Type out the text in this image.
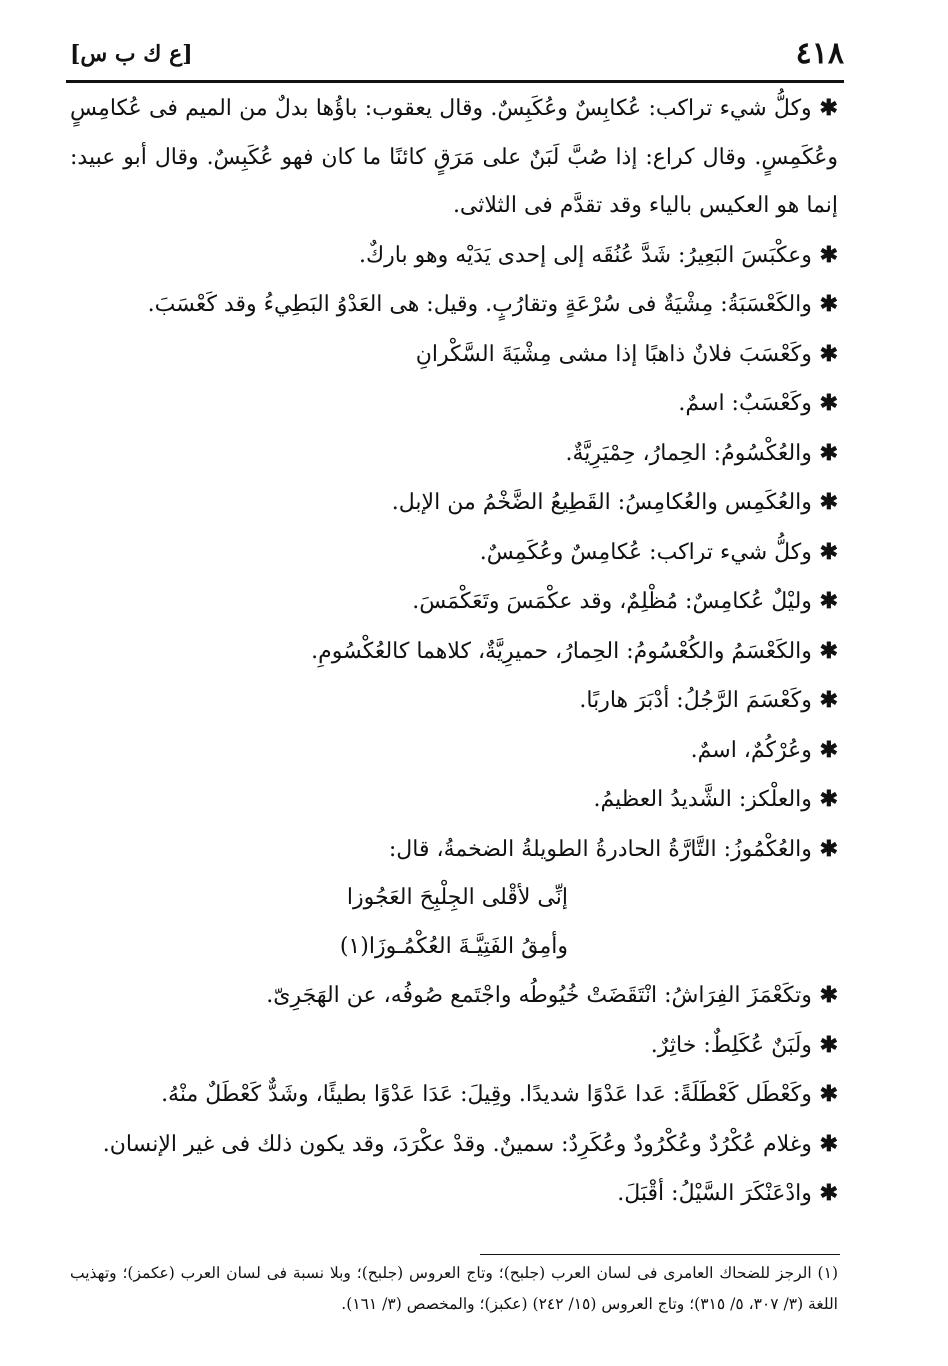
٤١٨
[ع ك ب س]

✱ وكلُّ شيء تراكب: عُكابِسٌ وعُكَبِسٌ. وقال يعقوب: باؤُها بدلٌ من الميم فى عُكامِسٍ وعُكَمِسٍ. وقال كراع: إذا صُبَّ لَبَنٌ على مَرَقٍ كائنًا ما كان فهو عُكَبِسٌ. وقال أبو عبيد: إنما هو العكيس بالياء وقد تقدَّم فى الثلاثى.

✱ وعكْبَسَ البَعِيرُ: شَدَّ عُنُقَه إلى إحدى يَدَيْه وهو باركٌ.

✱ والكَعْسَبَةُ: مِشْيَةٌ فى سُرْعَةٍ وتقارُبٍ. وقيل: هى العَدْوُ البَطِيءُ وقد كَعْسَبَ.

✱ وكَعْسَبَ فلانٌ ذاهبًا إذا مشى مِشْيَةَ السَّكْرانِ

✱ وكَعْسَبٌ: اسمٌ.

✱ والعُكْسُومُ: الحِمارُ، حِمْيَرِيَّةٌ.

✱ والعُكَمِس والعُكامِسُ: القَطِيعُ الضَّخْمُ من الإبل.

✱ وكلُّ شيء تراكب: عُكامِسٌ وعُكَمِسٌ.

✱ وليْلٌ عُكامِسٌ: مُظْلِمٌ، وقد عكْمَسَ وتَعَكْمَسَ.

✱ والكَعْسَمُ والكُعْسُومُ: الحِمارُ، حميرِيَّةٌ، كلاهما كالعُكْسُومِ.

✱ وكَعْسَمَ الرَّجُلُ: أدْبَرَ هاربًا.

✱ وعُرْكُمٌ، اسمٌ.

✱ والعلْكز: الشَّديدُ العظيمُ.

✱ والعُكْمُوزُ: التَّارَّةُ الحادرةُ الطويلةُ الضخمةُ، قال:

إنِّى لأقْلى الجِلْبِحَ العَجُوزا

وأمِقُ الفَتِيَّـةَ العُكْمُـوزَا(١)

✱ وتكَعْمَزَ الفِرَاشُ: انْتَقَضَتْ خُيُوطُه واجْتَمع صُوفُه، عن الهَجَرِىّ.

✱ ولَبَنٌ عُكَلِطٌ: خاثِرٌ.

✱ وكَعْطَل كَعْطَلَةً: عَدا عَدْوًا شديدًا. وقِيلَ: عَدَا عَدْوًا بطيئًا، وشَدٌّ كَعْطَلٌ منْهُ.

✱ وغلام عُكْرُدٌ وعُكْرُودٌ وعُكَرِدٌ: سمينٌ. وقدْ عكْرَدَ، وقد يكون ذلك فى غير الإنسان.

✱ وادْعَنْكَرَ السَّيْلُ: أقْبَلَ.

(١) الرجز للضحاك العامرى فى لسان العرب (جلبح)؛ وتاج العروس (جلبح)؛ وبلا نسبة فى لسان العرب (عكمز)؛ وتهذيب اللغة (٣/ ٣٠٧، ٥/ ٣١٥)؛ وتاج العروس (١٥/ ٢٤٢) (عكبز)؛ والمخصص (٣/ ١٦١).
